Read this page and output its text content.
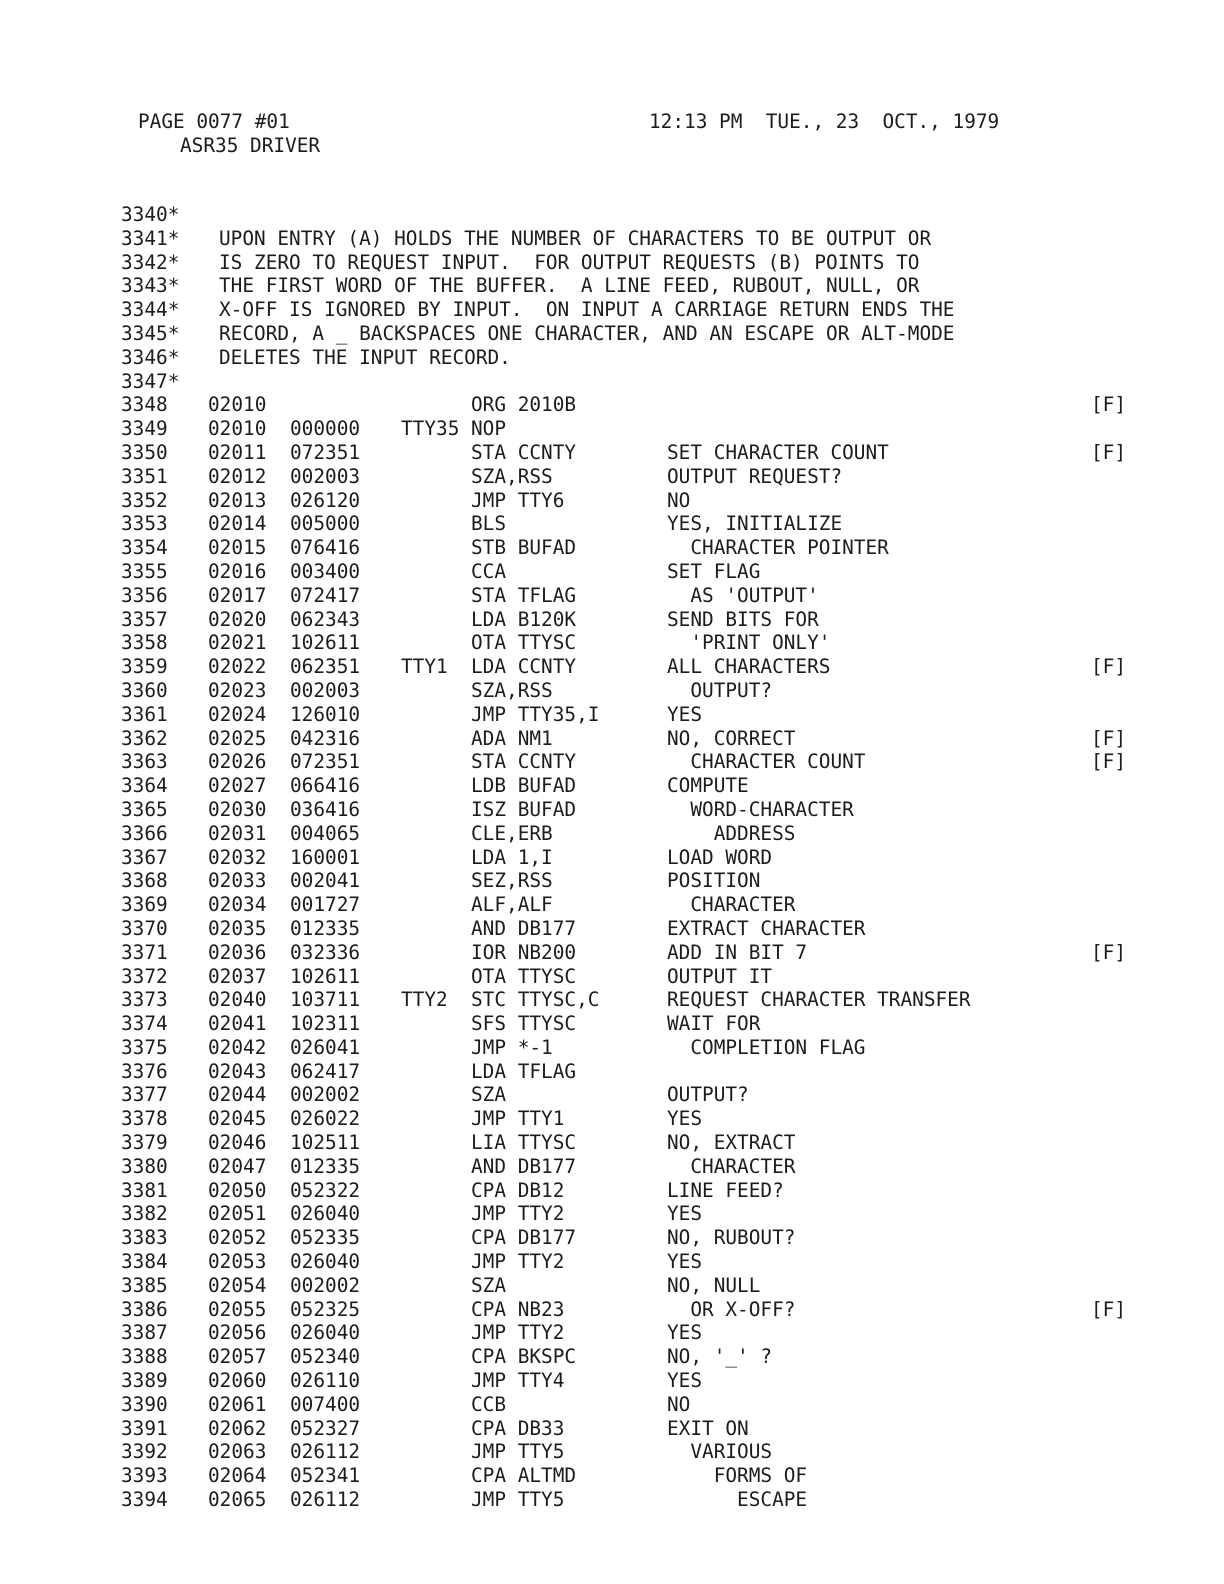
PAGE 0077 #01

	12:13 PM  TUE., 23  OCT., 1979

ASR35 DRIVER

3340*
3341* UPON ENTRY (A) HOLDS THE NUMBER OF CHARACTERS TO BE OUTPUT OR
3342* IS ZERO TO REQUEST INPUT.  FOR OUTPUT REQUESTS (B) POINTS TO
3343* THE FIRST WORD OF THE BUFFER.  A LINE FEED, RUBOUT, NULL, OR
3344* X-OFF IS IGNORED BY INPUT.  ON INPUT A CARRIAGE RETURN ENDS THE
3345* RECORD, A _ BACKSPACES ONE CHARACTER, AND AN ESCAPE OR ALT-MODE
3346* DELETES THE INPUT RECORD.
3347*
3348 02010	ORG 2010B	[F]
3349 02010 000000 TTY35 NOP
3350 02011 072351	STA CCNTY	SET CHARACTER COUNT	[F]
3351 02012 002003	SZA,RSS	OUTPUT REQUEST?
3352 02013 026120	JMP TTY6	NO
3353 02014 005000	BLS	YES, INITIALIZE
3354 02015 076416	STB BUFAD	CHARACTER POINTER
3355 02016 003400	CCA	SET FLAG
3356 02017 072417	STA TFLAG	AS 'OUTPUT'
3357 02020 062343	LDA B120K	SEND BITS FOR
3358 02021 102611	OTA TTYSC	'PRINT ONLY'
3359 02022 062351 TTY1 LDA CCNTY	ALL CHARACTERS	[F]
3360 02023 002003	SZA,RSS	OUTPUT?
3361 02024 126010	JMP TTY35,I	YES
3362 02025 042316	ADA NM1	NO, CORRECT	[F]
3363 02026 072351	STA CCNTY	CHARACTER COUNT	[F]
3364 02027 066416	LDB BUFAD	COMPUTE
3365 02030 036416	ISZ BUFAD	WORD-CHARACTER
3366 02031 004065	CLE,ERB	ADDRESS
3367 02032 160001	LDA 1,I	LOAD WORD
3368 02033 002041	SEZ,RSS	POSITION
3369 02034 001727	ALF,ALF	CHARACTER
3370 02035 012335	AND DB177	EXTRACT CHARACTER
3371 02036 032336	IOR NB200	ADD IN BIT 7	[F]
3372 02037 102611	OTA TTYSC	OUTPUT IT
3373 02040 103711 TTY2 STC TTYSC,C	REQUEST CHARACTER TRANSFER
3374 02041 102311	SFS TTYSC	WAIT FOR
3375 02042 026041	JMP *-1	COMPLETION FLAG
3376 02043 062417	LDA TFLAG
3377 02044 002002	SZA	OUTPUT?
3378 02045 026022	JMP TTY1	YES
3379 02046 102511	LIA TTYSC	NO, EXTRACT
3380 02047 012335	AND DB177	CHARACTER
3381 02050 052322	CPA DB12	LINE FEED?
3382 02051 026040	JMP TTY2	YES
3383 02052 052335	CPA DB177	NO, RUBOUT?
3384 02053 026040	JMP TTY2	YES
3385 02054 002002	SZA	NO, NULL
3386 02055 052325	CPA NB23	OR X-OFF?	[F]
3387 02056 026040	JMP TTY2	YES
3388 02057 052340	CPA BKSPC	NO, '_' ?
3389 02060 026110	JMP TTY4	YES
3390 02061 007400	CCB	NO
3391 02062 052327	CPA DB33	EXIT ON
3392 02063 026112	JMP TTY5	VARIOUS
3393 02064 052341	CPA ALTMD	FORMS OF
3394 02065 026112	JMP TTY5	ESCAPE
